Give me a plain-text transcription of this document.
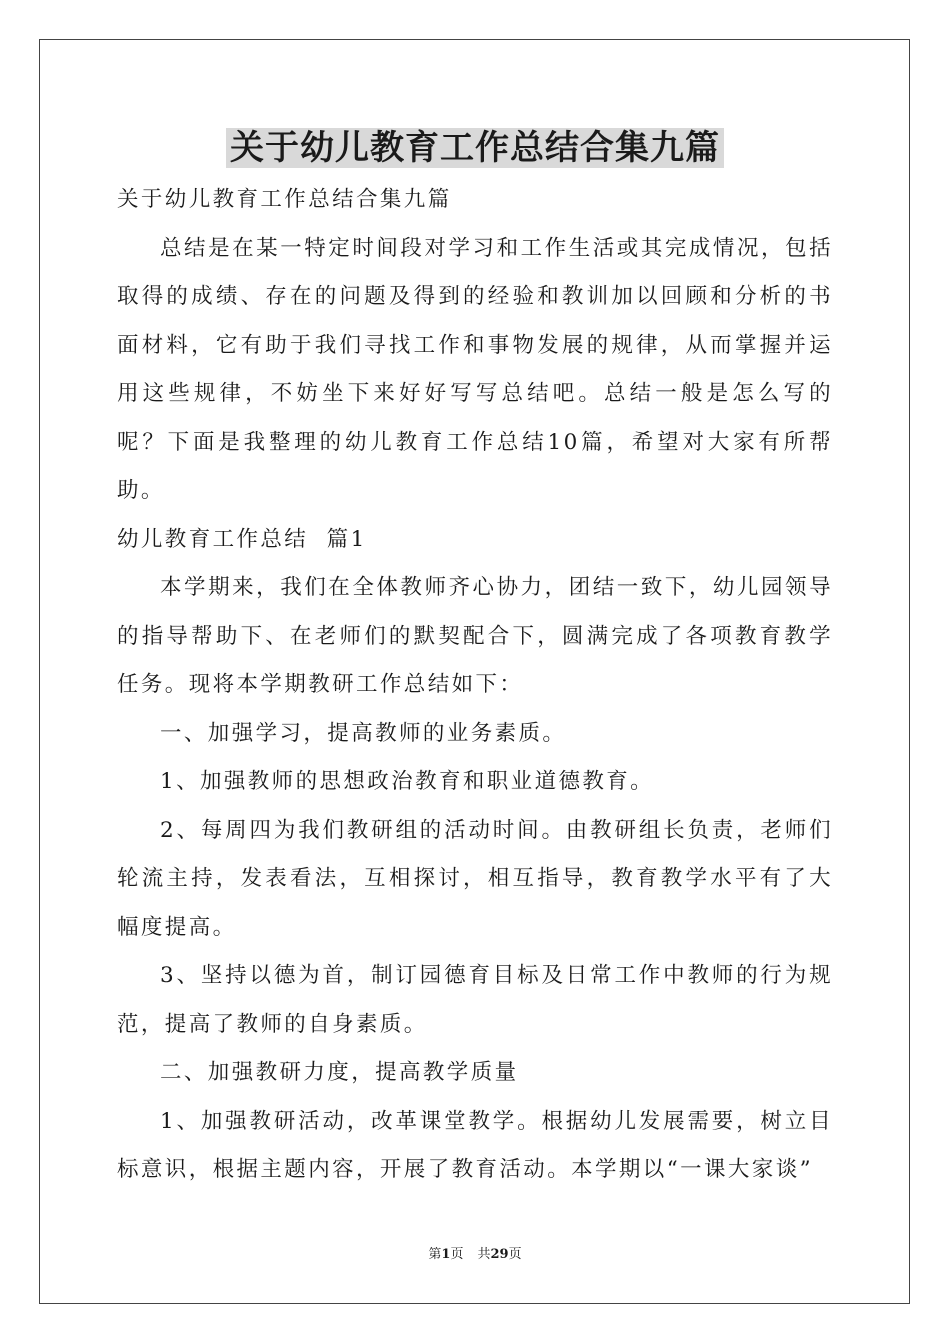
关于幼儿教育工作总结合集九篇

关于幼儿教育工作总结合集九篇

总结是在某一特定时间段对学习和工作生活或其完成情况，包括取得的成绩、存在的问题及得到的经验和教训加以回顾和分析的书面材料，它有助于我们寻找工作和事物发展的规律，从而掌握并运用这些规律，不妨坐下来好好写写总结吧。总结一般是怎么写的呢？下面是我整理的幼儿教育工作总结10篇，希望对大家有所帮助。

幼儿教育工作总结  篇1

本学期来，我们在全体教师齐心协力，团结一致下，幼儿园领导的指导帮助下、在老师们的默契配合下，圆满完成了各项教育教学任务。现将本学期教研工作总结如下：

一、加强学习，提高教师的业务素质。

1、加强教师的思想政治教育和职业道德教育。

2、每周四为我们教研组的活动时间。由教研组长负责，老师们轮流主持，发表看法，互相探讨，相互指导，教育教学水平有了大幅度提高。

3、坚持以德为首，制订园德育目标及日常工作中教师的行为规范，提高了教师的自身素质。

二、加强教研力度，提高教学质量

1、加强教研活动，改革课堂教学。根据幼儿发展需要，树立目标意识，根据主题内容，开展了教育活动。本学期以“一课大家谈”

第1页 共29页
